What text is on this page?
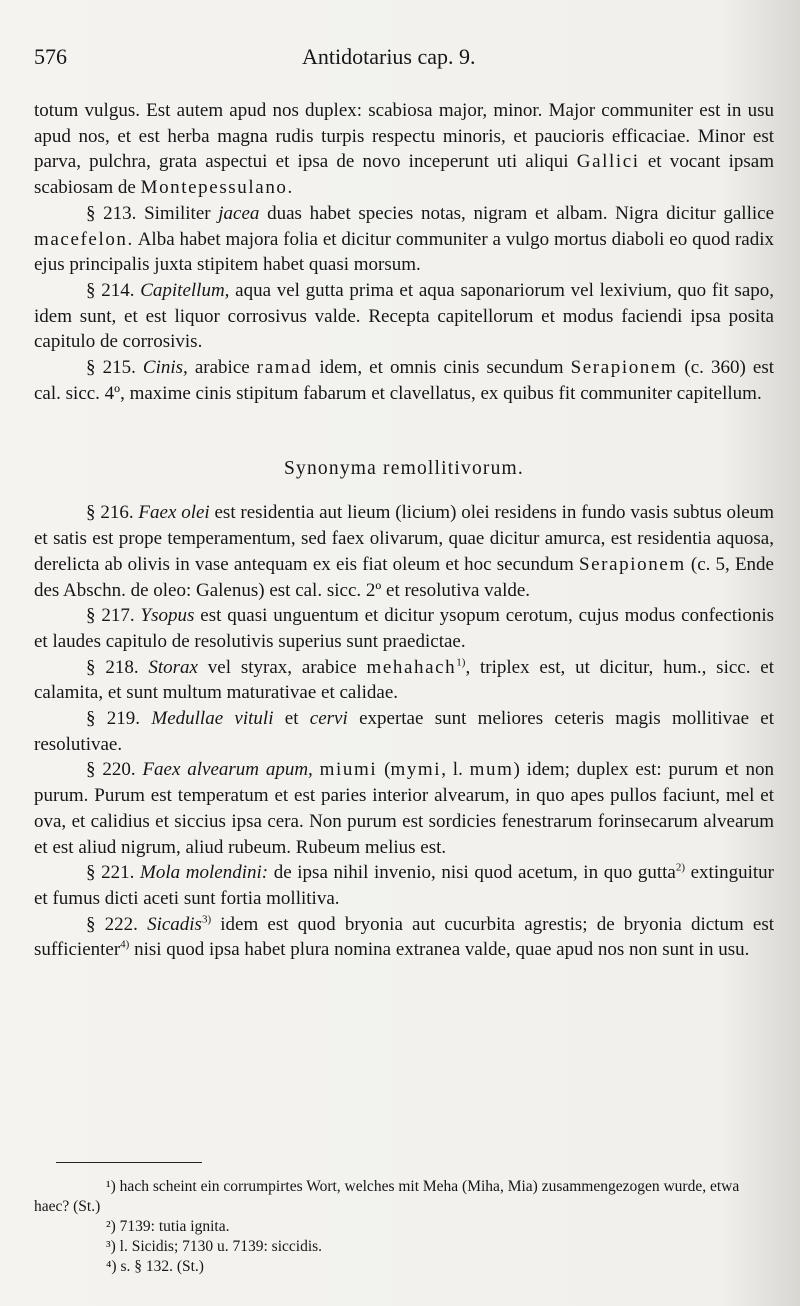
576	Antidotarius cap. 9.

totum vulgus. Est autem apud nos duplex: scabiosa major, minor. Major communiter est in usu apud nos, et est herba magna rudis turpis respectu minoris, et paucioris efficaciae. Minor est parva, pulchra, grata aspectui et ipsa de novo inceperunt uti aliqui Gallici et vocant ipsam scabiosam de Montepessulano.

§ 213. Similiter jacea duas habet species notas, nigram et albam. Nigra dicitur gallice macefelon. Alba habet majora folia et dicitur communiter a vulgo mortus diaboli eo quod radix ejus principalis juxta stipitem habet quasi morsum.

§ 214. Capitellum, aqua vel gutta prima et aqua saponariorum vel lexivium, quo fit sapo, idem sunt, et est liquor corrosivus valde. Recepta capitellorum et modus faciendi ipsa posita capitulo de corrosivis.

§ 215. Cinis, arabice ramad idem, et omnis cinis secundum Serapionem (c. 360) est cal. sicc. 4º, maxime cinis stipitum fabarum et clavellatus, ex quibus fit communiter capitellum.

Synonyma remollitivorum.

§ 216. Faex olei est residentia aut lieum (licium) olei residens in fundo vasis subtus oleum et satis est prope temperamentum, sed faex olivarum, quae dicitur amurca, est residentia aquosa, derelicta ab olivis in vase antequam ex eis fiat oleum et hoc secundum Serapionem (c. 5, Ende des Abschn. de oleo: Galenus) est cal. sicc. 2º et resolutiva valde.

§ 217. Ysopus est quasi unguentum et dicitur ysopum cerotum, cujus modus confectionis et laudes capitulo de resolutivis superius sunt praedictae.

§ 218. Storax vel styrax, arabice mehahach$^{1)}$, triplex est, ut dicitur, hum., sicc. et calamita, et sunt multum maturativae et calidae.

§ 219. Medullae vituli et cervi expertae sunt meliores ceteris magis mollitivae et resolutivae.

§ 220. Faex alvearum apum, miumi (mymi, l. mum) idem; duplex est: purum et non purum. Purum est temperatum et est paries interior alvearum, in quo apes pullos faciunt, mel et ova, et calidius et siccius ipsa cera. Non purum est sordicies fenestrarum forinsecarum alvearum et est aliud nigrum, aliud rubeum. Rubeum melius est.

§ 221. Mola molendini: de ipsa nihil invenio, nisi quod acetum, in quo gutta$^{2)}$ extinguitur et fumus dicti aceti sunt fortia mollitiva.

§ 222. Sicadis$^{3)}$ idem est quod bryonia aut cucurbita agrestis; de bryonia dictum est sufficienter$^{4)}$ nisi quod ipsa habet plura nomina extranea valde, quae apud nos non sunt in usu.

¹) hach scheint ein corrumpirtes Wort, welches mit Meha (Miha, Mia) zusammengezogen wurde, etwa haec? (St.)

²) 7139: tutia ignita.

³) l. Sicidis; 7130 u. 7139: siccidis.

⁴) s. § 132. (St.)
